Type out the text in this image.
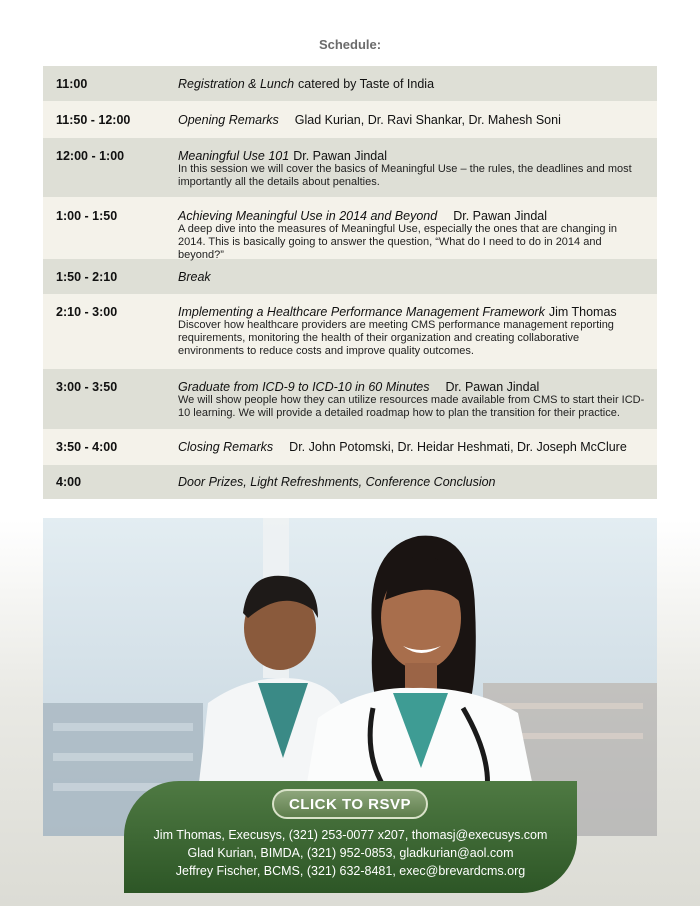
Schedule:
11:00	Registration & Lunch catered by Taste of India
11:50 - 12:00	Opening Remarks Glad Kurian, Dr. Ravi Shankar, Dr. Mahesh Soni
12:00 - 1:00	Meaningful Use 101 Dr. Pawan Jindal
In this session we will cover the basics of Meaningful Use – the rules, the deadlines and most importantly all the details about penalties.
1:00 - 1:50	Achieving Meaningful Use in 2014 and Beyond Dr. Pawan Jindal
A deep dive into the measures of Meaningful Use, especially the ones that are changing in 2014. This is basically going to answer the question, “What do I need to do in 2014 and beyond?”
1:50 - 2:10	Break
2:10 - 3:00	Implementing a Healthcare Performance Management Framework Jim Thomas
Discover how healthcare providers are meeting CMS performance management reporting requirements, monitoring the health of their organization and creating collaborative environments to reduce costs and improve quality outcomes.
3:00 - 3:50	Graduate from ICD-9 to ICD-10 in 60 Minutes Dr. Pawan Jindal
We will show people how they can utilize resources made available from CMS to start their ICD-10 learning. We will provide a detailed roadmap how to plan the transition for their practice.
3:50 - 4:00	Closing Remarks Dr. John Potomski, Dr. Heidar Heshmati, Dr. Joseph McClure
4:00	Door Prizes, Light Refreshments, Conference Conclusion
CLICK TO RSVP
Jim Thomas, Execusys, (321) 253-0077 x207, thomasj@execusys.com
Glad Kurian, BIMDA, (321) 952-0853, gladkurian@aol.com
Jeffrey Fischer, BCMS, (321) 632-8481, exec@brevardcms.org
